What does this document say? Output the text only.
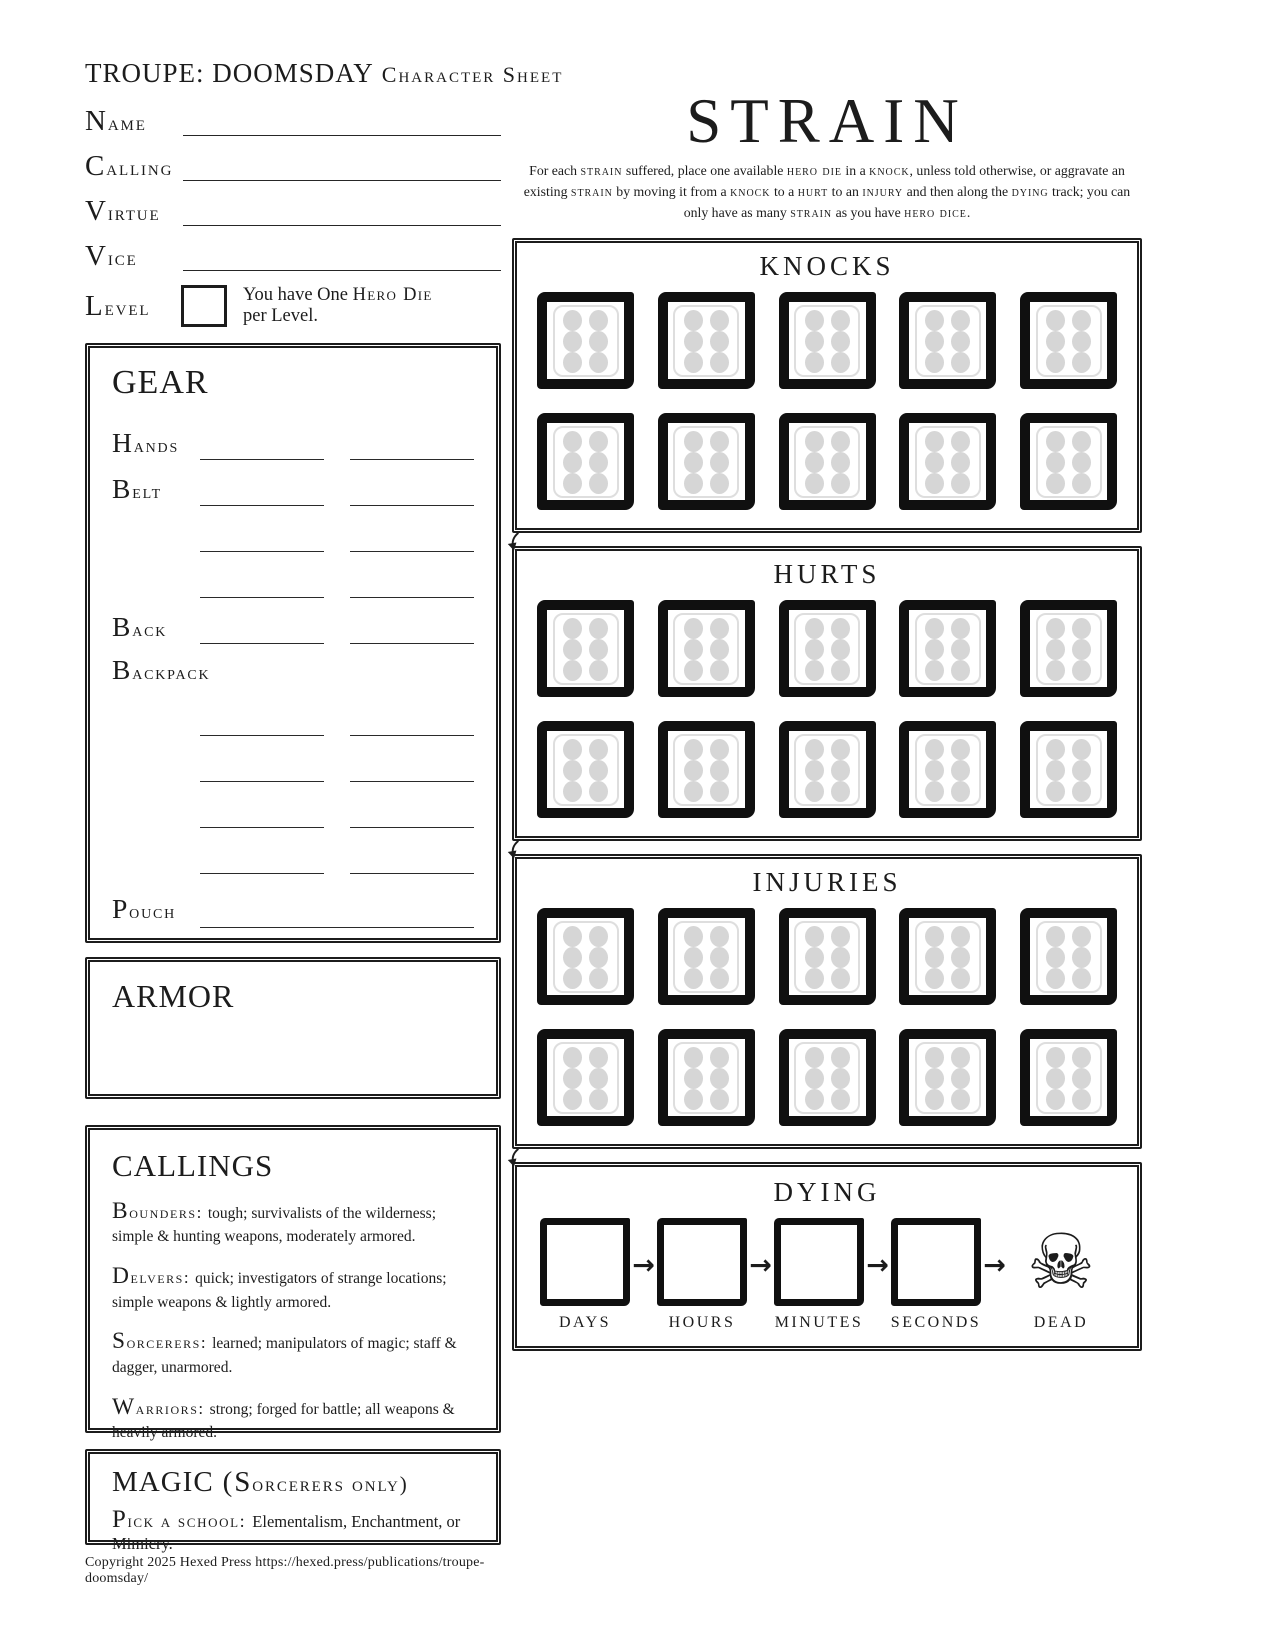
TROUPE: DOOMSDAY Character Sheet
Name
Calling
Virtue
Vice
Level
You have One Hero Die per Level.
GEAR
Hands
Belt
Back
Backpack
Pouch
ARMOR
CALLINGS

Bounders: tough; survivalists of the wilderness; simple & hunting weapons, moderately armored.

Delvers: quick; investigators of strange locations; simple weapons & lightly armored.

Sorcerers: learned; manipulators of magic; staff & dagger, unarmored.

Warriors: strong; forged for battle; all weapons & heavily armored.

MAGIC (Sorcerers only)
Pick a school: Elementalism, Enchantment, or Mimicry.
Copyright 2025 Hexed Press https://hexed.press/publications/troupe-doomsday/
STRAIN

For each strain suffered, place one available hero die in a knock, unless told otherwise, or aggravate an existing strain by moving it from a knock to a hurt to an injury and then along the dying track; you can only have as many strain as you have hero dice.

KNOCKS
HURTS
INJURIES
DYING
DAYS
→
HOURS
→
MINUTES
→
SECONDS
→ ☠
DEAD
